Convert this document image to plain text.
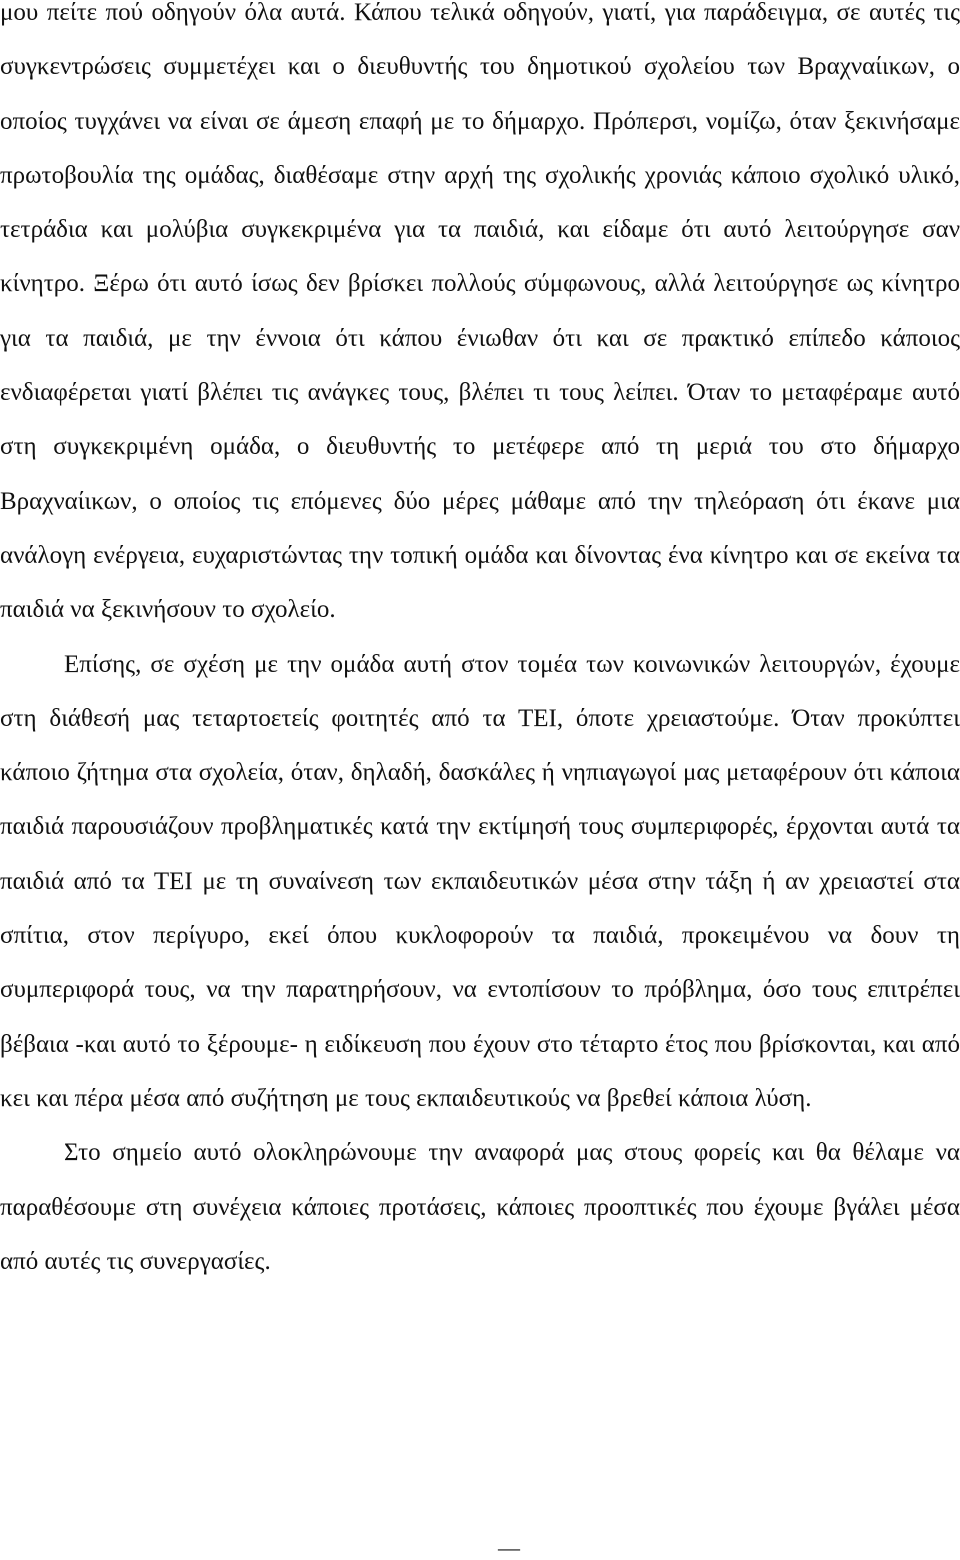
μου πείτε πού οδηγούν όλα αυτά. Κάπου τελικά οδηγούν, γιατί, για παράδειγμα, σε αυτές τις συγκεντρώσεις συμμετέχει και ο διευθυντής του δημοτικού σχολείου των Βραχναίικων, ο οποίος τυγχάνει να είναι σε άμεση επαφή με το δήμαρχο. Πρόπερσι, νομίζω, όταν ξεκινήσαμε πρωτοβουλία της ομάδας, διαθέσαμε στην αρχή της σχολικής χρονιάς κάποιο σχολικό υλικό, τετράδια και μολύβια συγκεκριμένα για τα παιδιά, και είδαμε ότι αυτό λειτούργησε σαν κίνητρο. Ξέρω ότι αυτό ίσως δεν βρίσκει πολλούς σύμφωνους, αλλά λειτούργησε ως κίνητρο για τα παιδιά, με την έννοια ότι κάπου ένιωθαν ότι και σε πρακτικό επίπεδο κάποιος ενδιαφέρεται γιατί βλέπει τις ανάγκες τους, βλέπει τι τους λείπει. Όταν το μεταφέραμε αυτό στη συγκεκριμένη ομάδα, ο διευθυντής το μετέφερε από τη μεριά του στο δήμαρχο Βραχναίικων, ο οποίος τις επόμενες δύο μέρες μάθαμε από την τηλεόραση ότι έκανε μια ανάλογη ενέργεια, ευχαριστώντας την τοπική ομάδα και δίνοντας ένα κίνητρο και σε εκείνα τα παιδιά να ξεκινήσουν το σχολείο.

Επίσης, σε σχέση με την ομάδα αυτή στον τομέα των κοινωνικών λειτουργών, έχουμε στη διάθεσή μας τεταρτοετείς φοιτητές από τα ΤΕΙ, όποτε χρειαστούμε. Όταν προκύπτει κάποιο ζήτημα στα σχολεία, όταν, δηλαδή, δασκάλες ή νηπιαγωγοί μας μεταφέρουν ότι κάποια παιδιά παρουσιάζουν προβληματικές κατά την εκτίμησή τους συμπεριφορές, έρχονται αυτά τα παιδιά από τα ΤΕΙ με τη συναίνεση των εκπαιδευτικών μέσα στην τάξη ή αν χρειαστεί στα σπίτια, στον περίγυρο, εκεί όπου κυκλοφορούν τα παιδιά, προκειμένου να δουν τη συμπεριφορά τους, να την παρατηρήσουν, να εντοπίσουν το πρόβλημα, όσο τους επιτρέπει βέβαια -και αυτό το ξέρουμε- η ειδίκευση που έχουν στο τέταρτο έτος που βρίσκονται, και από κει και πέρα μέσα από συζήτηση με τους εκπαιδευτικούς να βρεθεί κάποια λύση.

Στο σημείο αυτό ολοκληρώνουμε την αναφορά μας στους φορείς και θα θέλαμε να παραθέσουμε στη συνέχεια κάποιες προτάσεις, κάποιες προοπτικές που έχουμε βγάλει μέσα από αυτές τις συνεργασίες.

—
